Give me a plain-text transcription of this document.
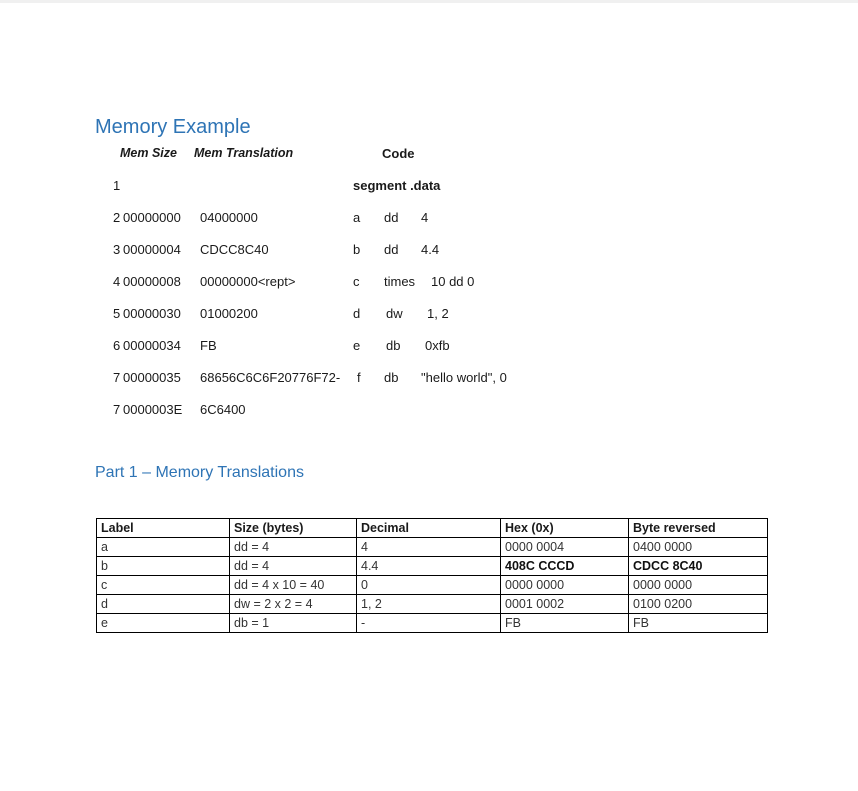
Memory Example
Mem Size Mem Translation	Code
1	segment .data
2 00000000 04000000	a dd 4
3 00000004 CDCC8C40	b dd 4.4
4 00000008 00000000<rept>	c times 10 dd 0
5 00000030 01000200	d dw 1, 2
6 00000034 FB	e db 0xfb
7 00000035 68656C6C6F20776F72- f db "hello world", 0
7 0000003E 6C6400
Part 1 – Memory Translations
Label	Size (bytes)	Decimal	Hex (0x)	Byte reversed
a	dd = 4	4	0000 0004	0400 0000
b	dd = 4	4.4	408C CCCD	CDCC 8C40
c	dd = 4 x 10 = 40	0	0000 0000	0000 0000
d	dw = 2 x 2 = 4	1, 2	0001 0002	0100 0200
e	db = 1	-	FB	FB
